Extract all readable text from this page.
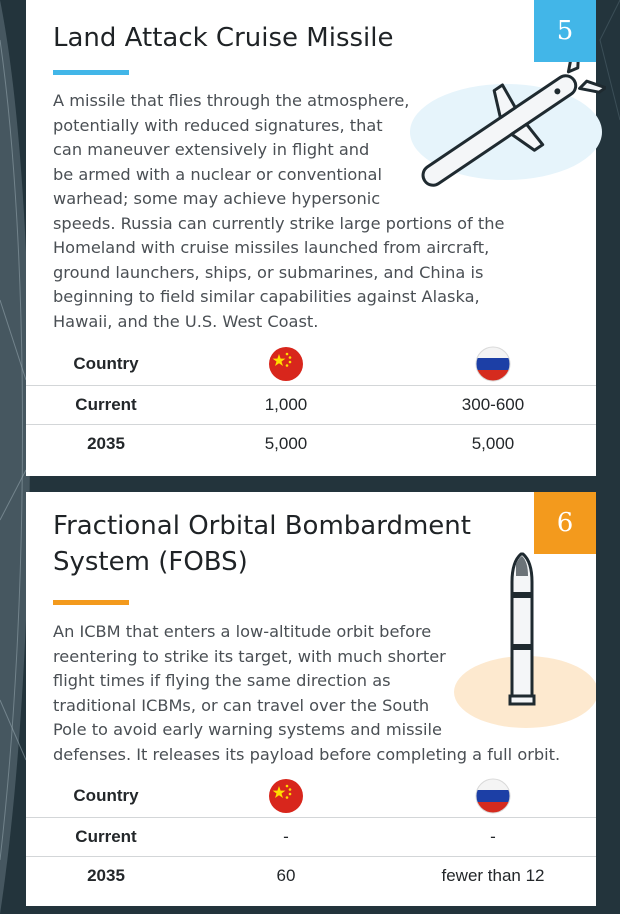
5
Land Attack Cruise Missile
A missile that flies through the atmosphere,
potentially with reduced signatures, that
can maneuver extensively in flight and
be armed with a nuclear or conventional
warhead; some may achieve hypersonic
speeds. Russia can currently strike large portions of the
Homeland with cruise missiles launched from aircraft,
ground launchers, ships, or submarines, and China is
beginning to field similar capabilities against Alaska,
Hawaii, and the U.S. West Coast.
Country
Current	1,000	300-600
2035	5,000	5,000
6
Fractional Orbital Bombardment
System (FOBS)
An ICBM that enters a low-altitude orbit before
reentering to strike its target, with much shorter
flight times if flying the same direction as
traditional ICBMs, or can travel over the South
Pole to avoid early warning systems and missile
defenses. It releases its payload before completing a full orbit.
Country
Current	-	-
2035	60	fewer than 12
